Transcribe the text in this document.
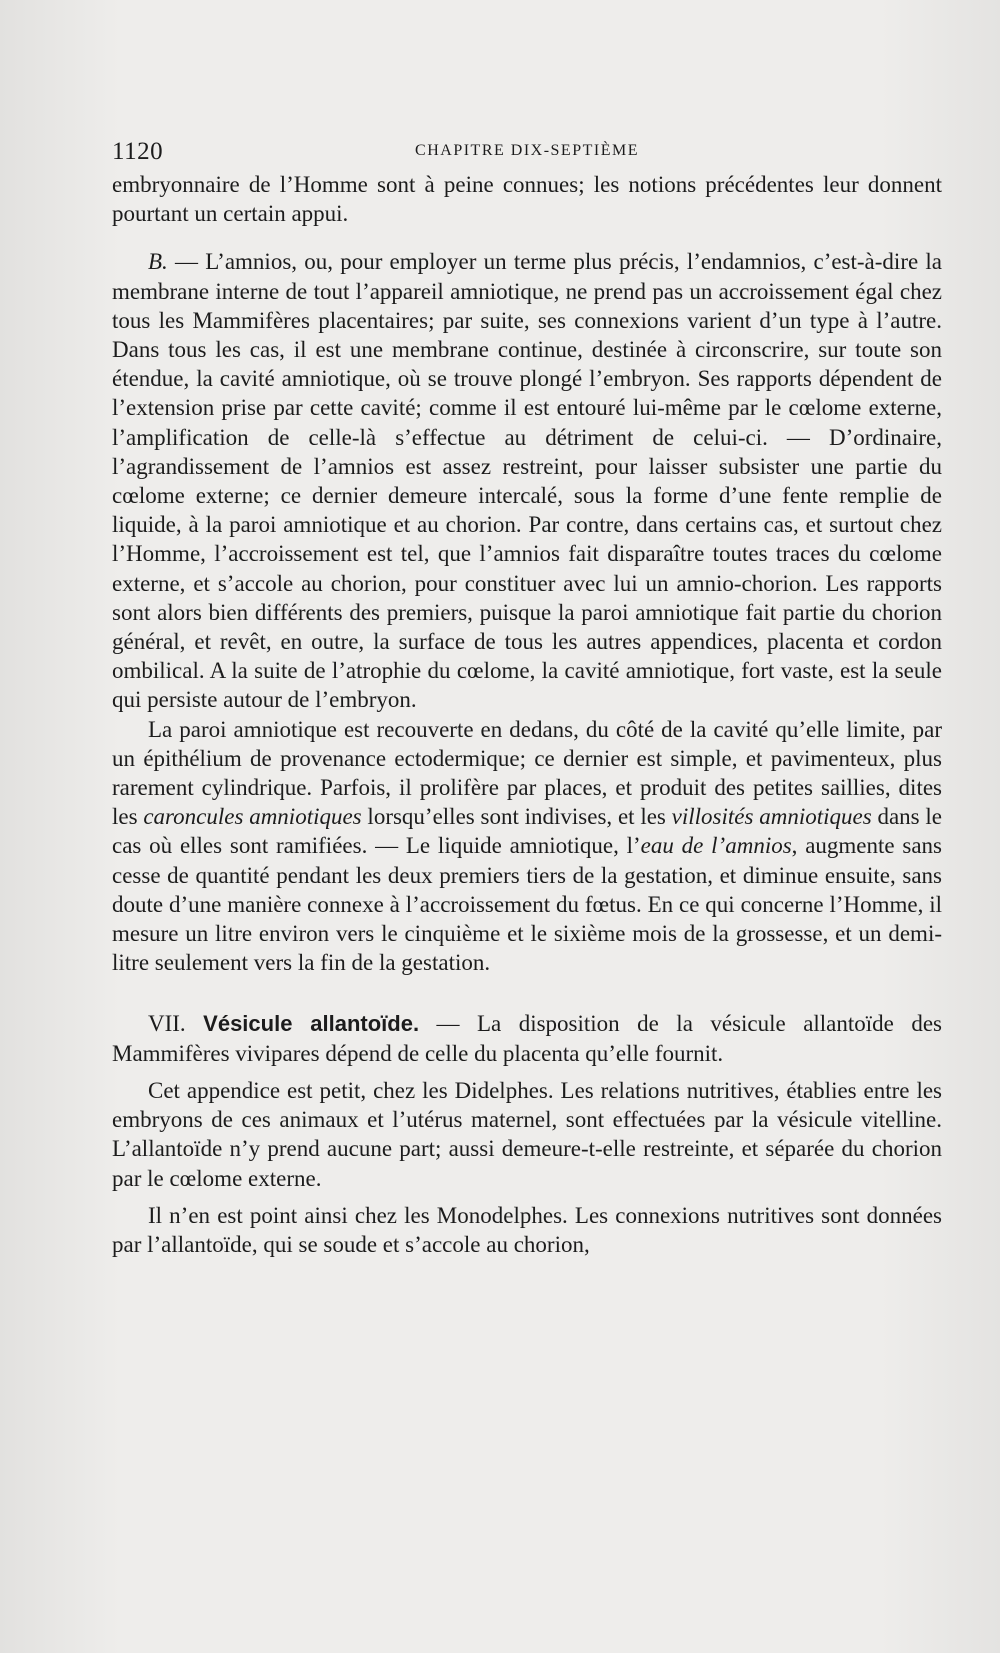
1120	CHAPITRE DIX-SEPTIÈME

embryonnaire de l’Homme sont à peine connues; les notions précédentes leur donnent pourtant un certain appui.

B. — L’amnios, ou, pour employer un terme plus précis, l’endamnios, c’est-à-dire la membrane interne de tout l’appareil amniotique, ne prend pas un accroissement égal chez tous les Mammifères placentaires; par suite, ses connexions varient d’un type à l’autre. Dans tous les cas, il est une membrane continue, destinée à circonscrire, sur toute son étendue, la cavité amniotique, où se trouve plongé l’embryon. Ses rapports dépendent de l’extension prise par cette cavité; comme il est entouré lui-même par le cœlome externe, l’amplification de celle-là s’effectue au détriment de celui-ci. — D’ordinaire, l’agrandissement de l’amnios est assez restreint, pour laisser subsister une partie du cœlome externe; ce dernier demeure intercalé, sous la forme d’une fente remplie de liquide, à la paroi amniotique et au chorion. Par contre, dans certains cas, et surtout chez l’Homme, l’accroissement est tel, que l’amnios fait disparaître toutes traces du cœlome externe, et s’accole au chorion, pour constituer avec lui un amnio-chorion. Les rapports sont alors bien différents des premiers, puisque la paroi amniotique fait partie du chorion général, et revêt, en outre, la surface de tous les autres appendices, placenta et cordon ombilical. A la suite de l’atrophie du cœlome, la cavité amniotique, fort vaste, est la seule qui persiste autour de l’embryon.

La paroi amniotique est recouverte en dedans, du côté de la cavité qu’elle limite, par un épithélium de provenance ectodermique; ce dernier est simple, et pavimenteux, plus rarement cylindrique. Parfois, il prolifère par places, et produit des petites saillies, dites les caroncules amniotiques lorsqu’elles sont indivises, et les villosités amniotiques dans le cas où elles sont ramifiées. — Le liquide amniotique, l’eau de l’amnios, augmente sans cesse de quantité pendant les deux premiers tiers de la gestation, et diminue ensuite, sans doute d’une manière connexe à l’accroissement du fœtus. En ce qui concerne l’Homme, il mesure un litre environ vers le cinquième et le sixième mois de la grossesse, et un demi-litre seulement vers la fin de la gestation.

VII. Vésicule allantoïde. — La disposition de la vésicule allantoïde des Mammifères vivipares dépend de celle du placenta qu’elle fournit.

Cet appendice est petit, chez les Didelphes. Les relations nutritives, établies entre les embryons de ces animaux et l’utérus maternel, sont effectuées par la vésicule vitelline. L’allantoïde n’y prend aucune part; aussi demeure-t-elle restreinte, et séparée du chorion par le cœlome externe.

Il n’en est point ainsi chez les Monodelphes. Les connexions nutritives sont données par l’allantoïde, qui se soude et s’accole au chorion,
